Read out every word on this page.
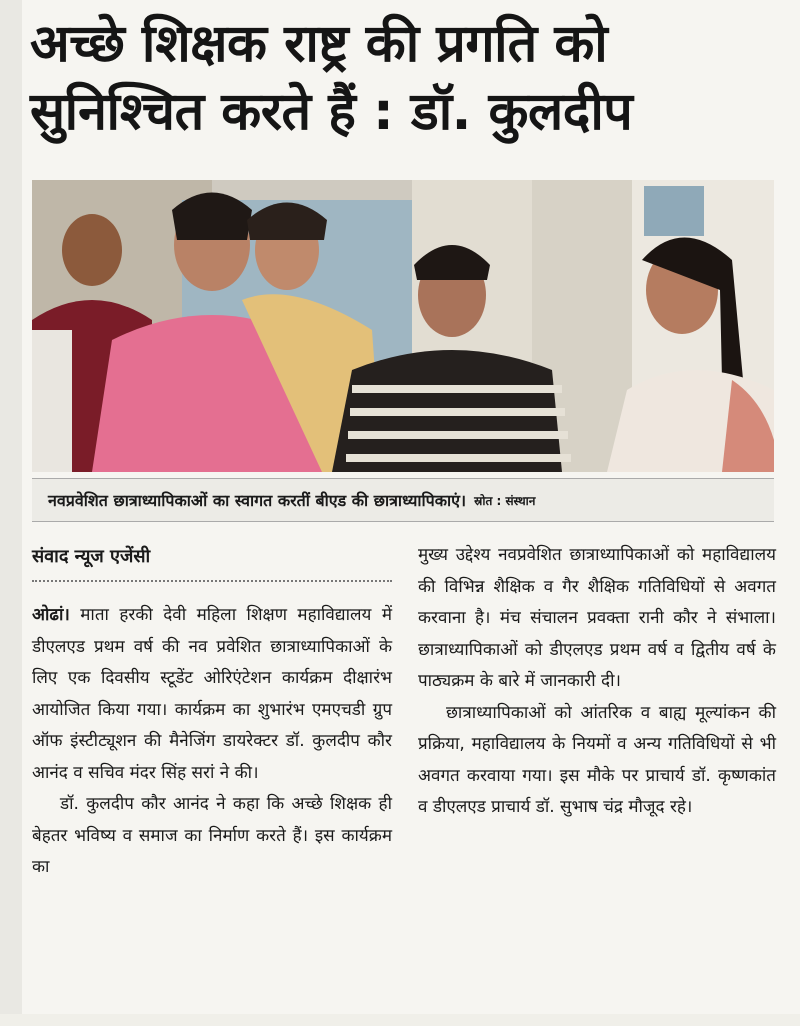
अच्छे शिक्षक राष्ट्र की प्रगति को
सुनिश्चित करते हैं : डॉ. कुलदीप
नवप्रवेशित छात्राध्यापिकाओं का स्वागत करतीं बीएड की छात्राध्यापिकाएं। स्रोत : संस्थान
संवाद न्यूज एजेंसी

ओढां। माता हरकी देवी महिला शिक्षण महाविद्यालय में डीएलएड प्रथम वर्ष की नव प्रवेशित छात्राध्यापिकाओं के लिए एक दिवसीय स्टूडेंट ओरिएंटेशन कार्यक्रम दीक्षारंभ आयोजित किया गया। कार्यक्रम का शुभारंभ एमएचडी ग्रुप ऑफ इंस्टीट्यूशन की मैनेजिंग डायरेक्टर डॉ. कुलदीप कौर आनंद व सचिव मंदर सिंह सरां ने की।

डॉ. कुलदीप कौर आनंद ने कहा कि अच्छे शिक्षक ही बेहतर भविष्य व समाज का निर्माण करते हैं। इस कार्यक्रम का

मुख्य उद्देश्य नवप्रवेशित छात्राध्यापिकाओं को महाविद्यालय की विभिन्न शैक्षिक व गैर शैक्षिक गतिविधियों से अवगत करवाना है। मंच संचालन प्रवक्ता रानी कौर ने संभाला। छात्राध्यापिकाओं को डीएलएड प्रथम वर्ष व द्वितीय वर्ष के पाठ्यक्रम के बारे में जानकारी दी।

छात्राध्यापिकाओं को आंतरिक व बाह्य मूल्यांकन की प्रक्रिया, महाविद्यालय के नियमों व अन्य गतिविधियों से भी अवगत करवाया गया। इस मौके पर प्राचार्य डॉ. कृष्णकांत व डीएलएड प्राचार्य डॉ. सुभाष चंद्र मौजूद रहे।
